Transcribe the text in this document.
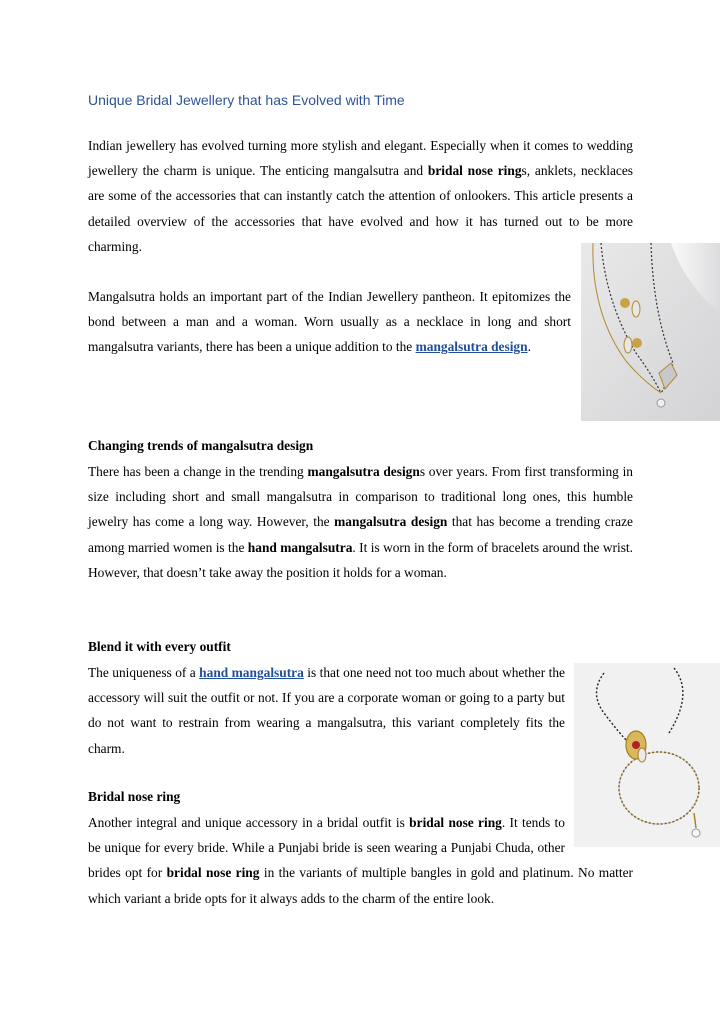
Unique Bridal Jewellery that has Evolved with Time

Indian jewellery has evolved turning more stylish and elegant. Especially when it comes to wedding jewellery the charm is unique. The enticing mangalsutra and bridal nose rings, anklets, necklaces are some of the accessories that can instantly catch the attention of onlookers. This article presents a detailed overview of the accessories that have evolved and how it has turned out to be more charming.

Mangalsutra holds an important part of the Indian Jewellery pantheon. It epitomizes the bond between a man and a woman. Worn usually as a necklace in long and short mangalsutra variants, there has been a unique addition to the mangalsutra design.

Changing trends of mangalsutra design

There has been a change in the trending mangalsutra designs over years. From first transforming in size including short and small mangalsutra in comparison to traditional long ones, this humble jewelry has come a long way. However, the mangalsutra design that has become a trending craze among married women is the hand mangalsutra. It is worn in the form of bracelets around the wrist. However, that doesn’t take away the position it holds for a woman.

Blend it with every outfit

The uniqueness of a hand mangalsutra is that one need not too much about whether the accessory will suit the outfit or not. If you are a corporate woman or going to a party but do not want to restrain from wearing a mangalsutra, this variant completely fits the charm.

Bridal nose ring

Another integral and unique accessory in a bridal outfit is bridal nose ring. It tends to be unique for every bride. While a Punjabi bride is seen wearing a Punjabi Chuda, other brides opt for bridal nose ring in the variants of multiple bangles in gold and platinum. No matter which variant a bride opts for it always adds to the charm of the entire look.
